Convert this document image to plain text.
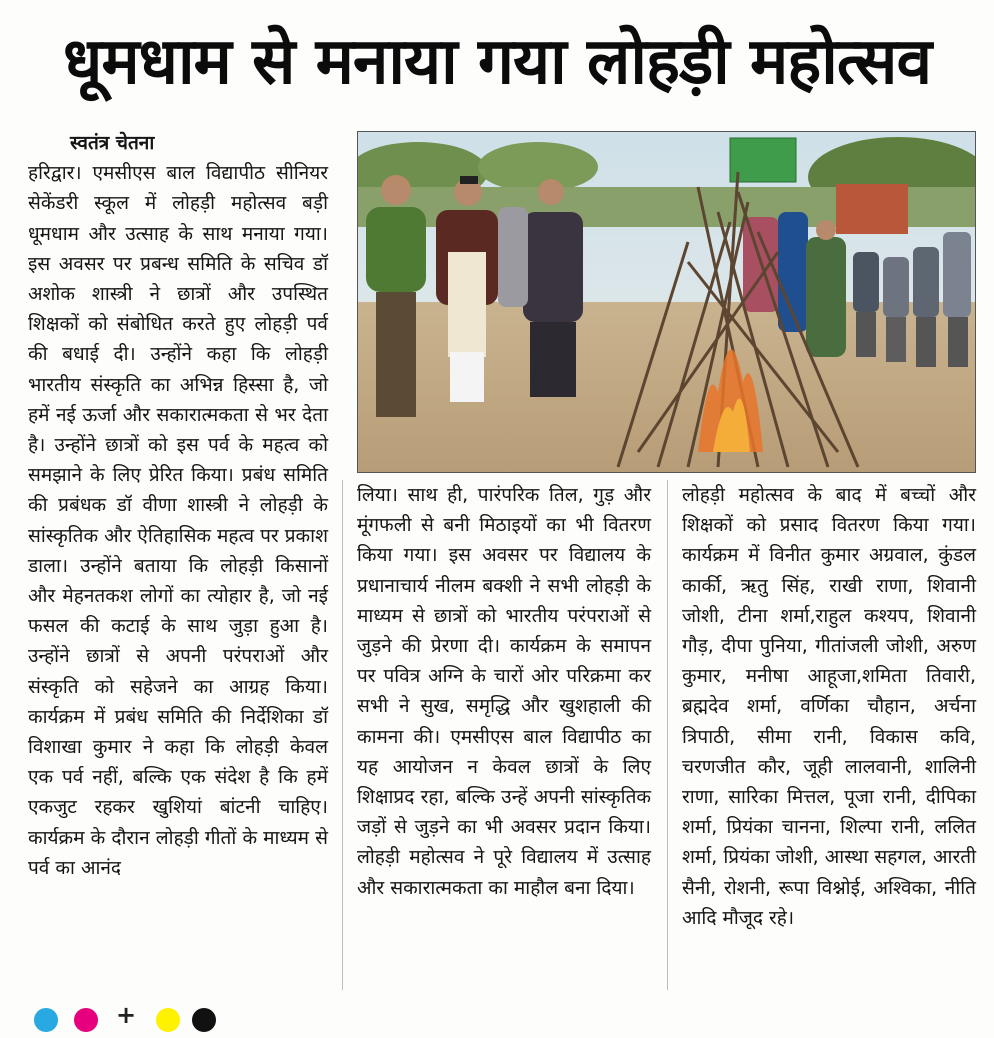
धूमधाम से मनाया गया लोहड़ी महोत्सव
स्वतंत्र चेतना

हरिद्वार। एमसीएस बाल विद्यापीठ सीनियर सेकेंडरी स्कूल में लोहड़ी महोत्सव बड़ी धूमधाम और उत्साह के साथ मनाया गया। इस अवसर पर प्रबन्ध समिति के सचिव डॉ अशोक शास्त्री ने छात्रों और उपस्थित शिक्षकों को संबोधित करते हुए लोहड़ी पर्व की बधाई दी। उन्होंने कहा कि लोहड़ी भारतीय संस्कृति का अभिन्न हिस्सा है, जो हमें नई ऊर्जा और सकारात्मकता से भर देता है। उन्होंने छात्रों को इस पर्व के महत्व को समझाने के लिए प्रेरित किया। प्रबंध समिति की प्रबंधक डॉ वीणा शास्त्री ने लोहड़ी के सांस्कृतिक और ऐतिहासिक महत्व पर प्रकाश डाला। उन्होंने बताया कि लोहड़ी किसानों और मेहनतकश लोगों का त्योहार है, जो नई फसल की कटाई के साथ जुड़ा हुआ है। उन्होंने छात्रों से अपनी परंपराओं और संस्कृति को सहेजने का आग्रह किया। कार्यक्रम में प्रबंध समिति की निर्देशिका डॉ विशाखा कुमार ने कहा कि लोहड़ी केवल एक पर्व नहीं, बल्कि एक संदेश है कि हमें एकजुट रहकर खुशियां बांटनी चाहिए। कार्यक्रम के दौरान लोहड़ी गीतों के माध्यम से पर्व का आनंद

लिया। साथ ही, पारंपरिक तिल, गुड़ और मूंगफली से बनी मिठाइयों का भी वितरण किया गया। इस अवसर पर विद्यालय के प्रधानाचार्य नीलम बक्शी ने सभी लोहड़ी के माध्यम से छात्रों को भारतीय परंपराओं से जुड़ने की प्रेरणा दी। कार्यक्रम के समापन पर पवित्र अग्नि के चारों ओर परिक्रमा कर सभी ने सुख, समृद्धि और खुशहाली की कामना की। एमसीएस बाल विद्यापीठ का यह आयोजन न केवल छात्रों के लिए शिक्षाप्रद रहा, बल्कि उन्हें अपनी सांस्कृतिक जड़ों से जुड़ने का भी अवसर प्रदान किया। लोहड़ी महोत्सव ने पूरे विद्यालय में उत्साह और सकारात्मकता का माहौल बना दिया।

लोहड़ी महोत्सव के बाद में बच्चों और शिक्षकों को प्रसाद वितरण किया गया। कार्यक्रम में विनीत कुमार अग्रवाल, कुंडल कार्की, ऋतु सिंह, राखी राणा, शिवानी जोशी, टीना शर्मा,राहुल कश्यप, शिवानी गौड़, दीपा पुनिया, गीतांजली जोशी, अरुण कुमार, मनीषा आहूजा,शमिता तिवारी, ब्रह्मदेव शर्मा, वर्णिका चौहान, अर्चना त्रिपाठी, सीमा रानी, विकास कवि, चरणजीत कौर, जूही लालवानी, शालिनी राणा, सारिका मित्तल, पूजा रानी, दीपिका शर्मा, प्रियंका चानना, शिल्पा रानी, ललित शर्मा, प्रियंका जोशी, आस्था सहगल, आरती सैनी, रोशनी, रूपा विश्नोई, अश्विका, नीति आदि मौजूद रहे।

+
